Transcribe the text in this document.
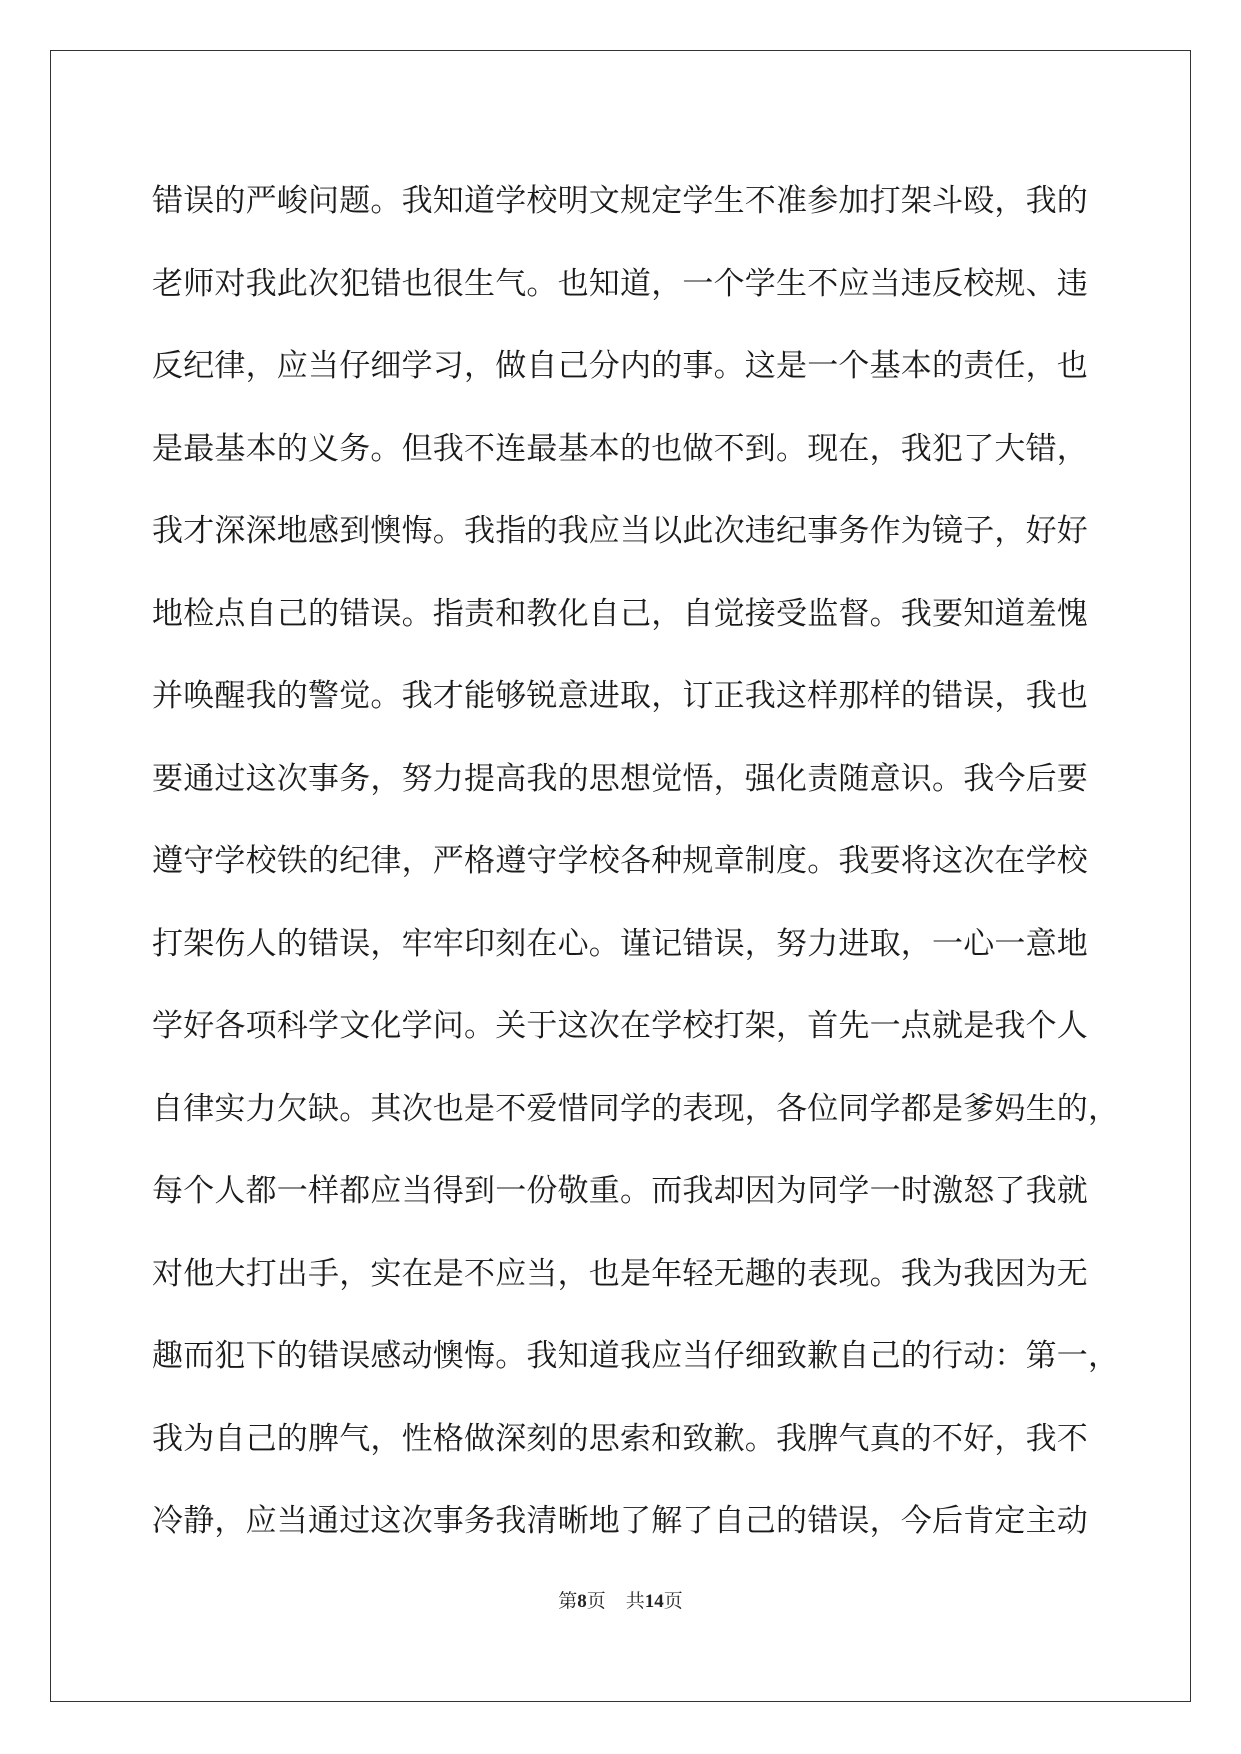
错误的严峻问题。我知道学校明文规定学生不准参加打架斗殴，我的
老师对我此次犯错也很生气。也知道，一个学生不应当违反校规、违
反纪律，应当仔细学习，做自己分内的事。这是一个基本的责任，也
是最基本的义务。但我不连最基本的也做不到。现在，我犯了大错，
我才深深地感到懊悔。我指的我应当以此次违纪事务作为镜子，好好
地检点自己的错误。指责和教化自己，自觉接受监督。我要知道羞愧
并唤醒我的警觉。我才能够锐意进取，订正我这样那样的错误，我也
要通过这次事务，努力提高我的思想觉悟，强化责随意识。我今后要
遵守学校铁的纪律，严格遵守学校各种规章制度。我要将这次在学校
打架伤人的错误，牢牢印刻在心。谨记错误，努力进取，一心一意地
学好各项科学文化学问。关于这次在学校打架，首先一点就是我个人
自律实力欠缺。其次也是不爱惜同学的表现，各位同学都是爹妈生的，
每个人都一样都应当得到一份敬重。而我却因为同学一时激怒了我就
对他大打出手，实在是不应当，也是年轻无趣的表现。我为我因为无
趣而犯下的错误感动懊悔。我知道我应当仔细致歉自己的行动：第一，
我为自己的脾气，性格做深刻的思索和致歉。我脾气真的不好，我不
冷静，应当通过这次事务我清晰地了解了自己的错误，今后肯定主动
第8页 共14页
